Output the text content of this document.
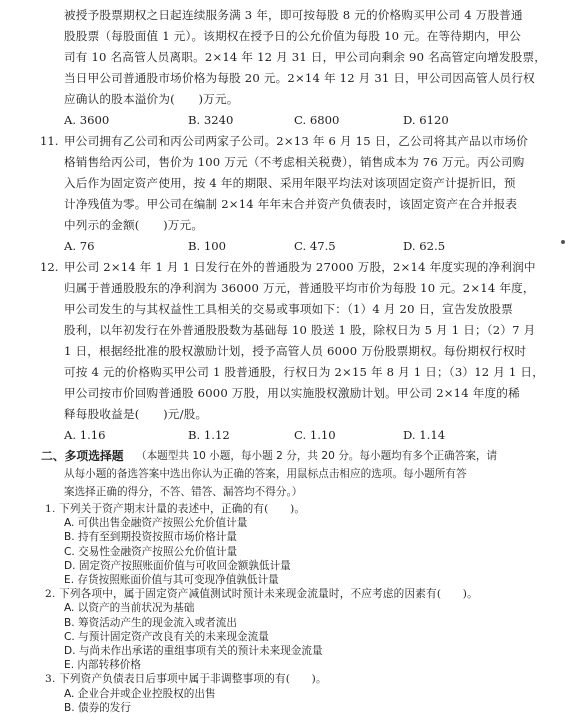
被授予股票期权之日起连续服务满 3 年，即可按每股 8 元的价格购买甲公司 4 万股普通
股股票（每股面值 1 元）。该期权在授予日的公允价值为每股 10 元。在等待期内，甲公
司有 10 名高管人员离职。2×14 年 12 月 31 日，甲公司向剩余 90 名高管定向增发股票，
当日甲公司普通股市场价格为每股 20 元。2×14 年 12 月 31 日，甲公司因高管人员行权
应确认的股本溢价为(　　)万元。
A. 3600	B. 3240	C. 6800	D. 6120
11. 甲公司拥有乙公司和丙公司两家子公司。2×13 年 6 月 15 日，乙公司将其产品以市场价
格销售给丙公司，售价为 100 万元（不考虑相关税费），销售成本为 76 万元。丙公司购
入后作为固定资产使用，按 4 年的期限、采用年限平均法对该项固定资产计提折旧，预
计净残值为零。甲公司在编制 2×14 年年末合并资产负债表时，该固定资产在合并报表
中列示的金额(　　)万元。
A. 76	B. 100	C. 47.5	D. 62.5
12. 甲公司 2×14 年 1 月 1 日发行在外的普通股为 27000 万股，2×14 年度实现的净利润中
归属于普通股股东的净利润为 36000 万元，普通股平均市价为每股 10 元。2×14 年度，
甲公司发生的与其权益性工具相关的交易或事项如下：（1）4 月 20 日，宣告发放股票
股利，以年初发行在外普通股股数为基础每 10 股送 1 股，除权日为 5 月 1 日；（2）7 月
1 日，根据经批准的股权激励计划，授予高管人员 6000 万份股票期权。每份期权行权时
可按 4 元的价格购买甲公司 1 股普通股，行权日为 2×15 年 8 月 1 日；（3）12 月 1 日，
甲公司按市价回购普通股 6000 万股，用以实施股权激励计划。甲公司 2×14 年度的稀
释每股收益是(　　)元/股。
A. 1.16	B. 1.12	C. 1.10	D. 1.14
二、多项选择题 （本题型共 10 小题，每小题 2 分，共 20 分。每小题均有多个正确答案，请
从每小题的备选答案中选出你认为正确的答案，用鼠标点击相应的选项。每小题所有答
案选择正确的得分，不答、错答、漏答均不得分。）
1. 下列关于资产期末计量的表述中，正确的有(　　)。
A. 可供出售金融资产按照公允价值计量
B. 持有至到期投资按照市场价格计量
C. 交易性金融资产按照公允价值计量
D. 固定资产按照账面价值与可收回金额孰低计量
E. 存货按照账面价值与其可变现净值孰低计量
2. 下列各项中，属于固定资产减值测试时预计未来现金流量时，不应考虑的因素有(　　)。
A. 以资产的当前状况为基础
B. 筹资活动产生的现金流入或者流出
C. 与预计固定资产改良有关的未来现金流量
D. 与尚未作出承诺的重组事项有关的预计未来现金流量
E. 内部转移价格
3. 下列资产负债表日后事项中属于非调整事项的有(　　)。
A. 企业合并或企业控股权的出售
B. 债券的发行
